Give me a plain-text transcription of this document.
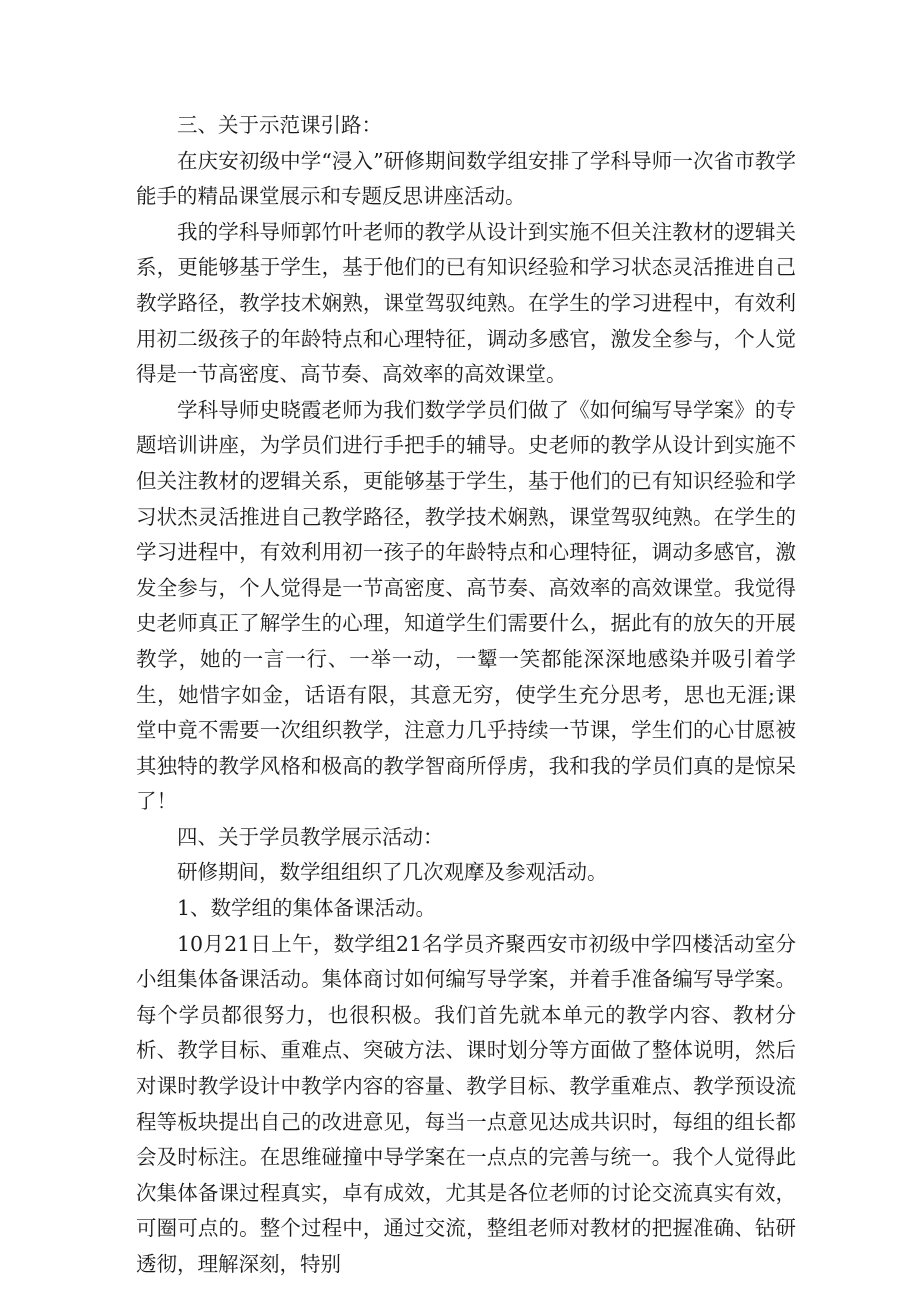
三、关于示范课引路：

在庆安初级中学“浸入”研修期间数学组安排了学科导师一次省市教学能手的精品课堂展示和专题反思讲座活动。

我的学科导师郭竹叶老师的教学从设计到实施不但关注教材的逻辑关系，更能够基于学生，基于他们的已有知识经验和学习状态灵活推进自己教学路径，教学技术娴熟，课堂驾驭纯熟。在学生的学习进程中，有效利用初二级孩子的年龄特点和心理特征，调动多感官，激发全参与，个人觉得是一节高密度、高节奏、高效率的高效课堂。

学科导师史晓霞老师为我们数学学员们做了《如何编写导学案》的专题培训讲座，为学员们进行手把手的辅导。史老师的教学从设计到实施不但关注教材的逻辑关系，更能够基于学生，基于他们的已有知识经验和学习状杰灵活推进自己教学路径，教学技术娴熟，课堂驾驭纯熟。在学生的学习进程中，有效利用初一孩子的年龄特点和心理特征，调动多感官，激发全参与，个人觉得是一节高密度、高节奏、高效率的高效课堂。我觉得史老师真正了解学生的心理，知道学生们需要什么，据此有的放矢的开展教学，她的一言一行、一举一动，一颦一笑都能深深地感染并吸引着学生，她惜字如金，话语有限，其意无穷，使学生充分思考，思也无涯;课堂中竟不需要一次组织教学，注意力几乎持续一节课，学生们的心甘愿被其独特的教学风格和极高的教学智商所俘虏，我和我的学员们真的是惊呆了！

四、关于学员教学展示活动：

研修期间，数学组组织了几次观摩及参观活动。

1、数学组的集体备课活动。

10月21日上午，数学组21名学员齐聚西安市初级中学四楼活动室分小组集体备课活动。集体商讨如何编写导学案，并着手准备编写导学案。每个学员都很努力，也很积极。我们首先就本单元的教学内容、教材分析、教学目标、重难点、突破方法、课时划分等方面做了整体说明，然后对课时教学设计中教学内容的容量、教学目标、教学重难点、教学预设流程等板块提出自己的改进意见，每当一点意见达成共识时，每组的组长都会及时标注。在思维碰撞中导学案在一点点的完善与统一。我个人觉得此次集体备课过程真实，卓有成效，尤其是各位老师的讨论交流真实有效，可圈可点的。整个过程中，通过交流，整组老师对教材的把握准确、钻研透彻，理解深刻，特别
